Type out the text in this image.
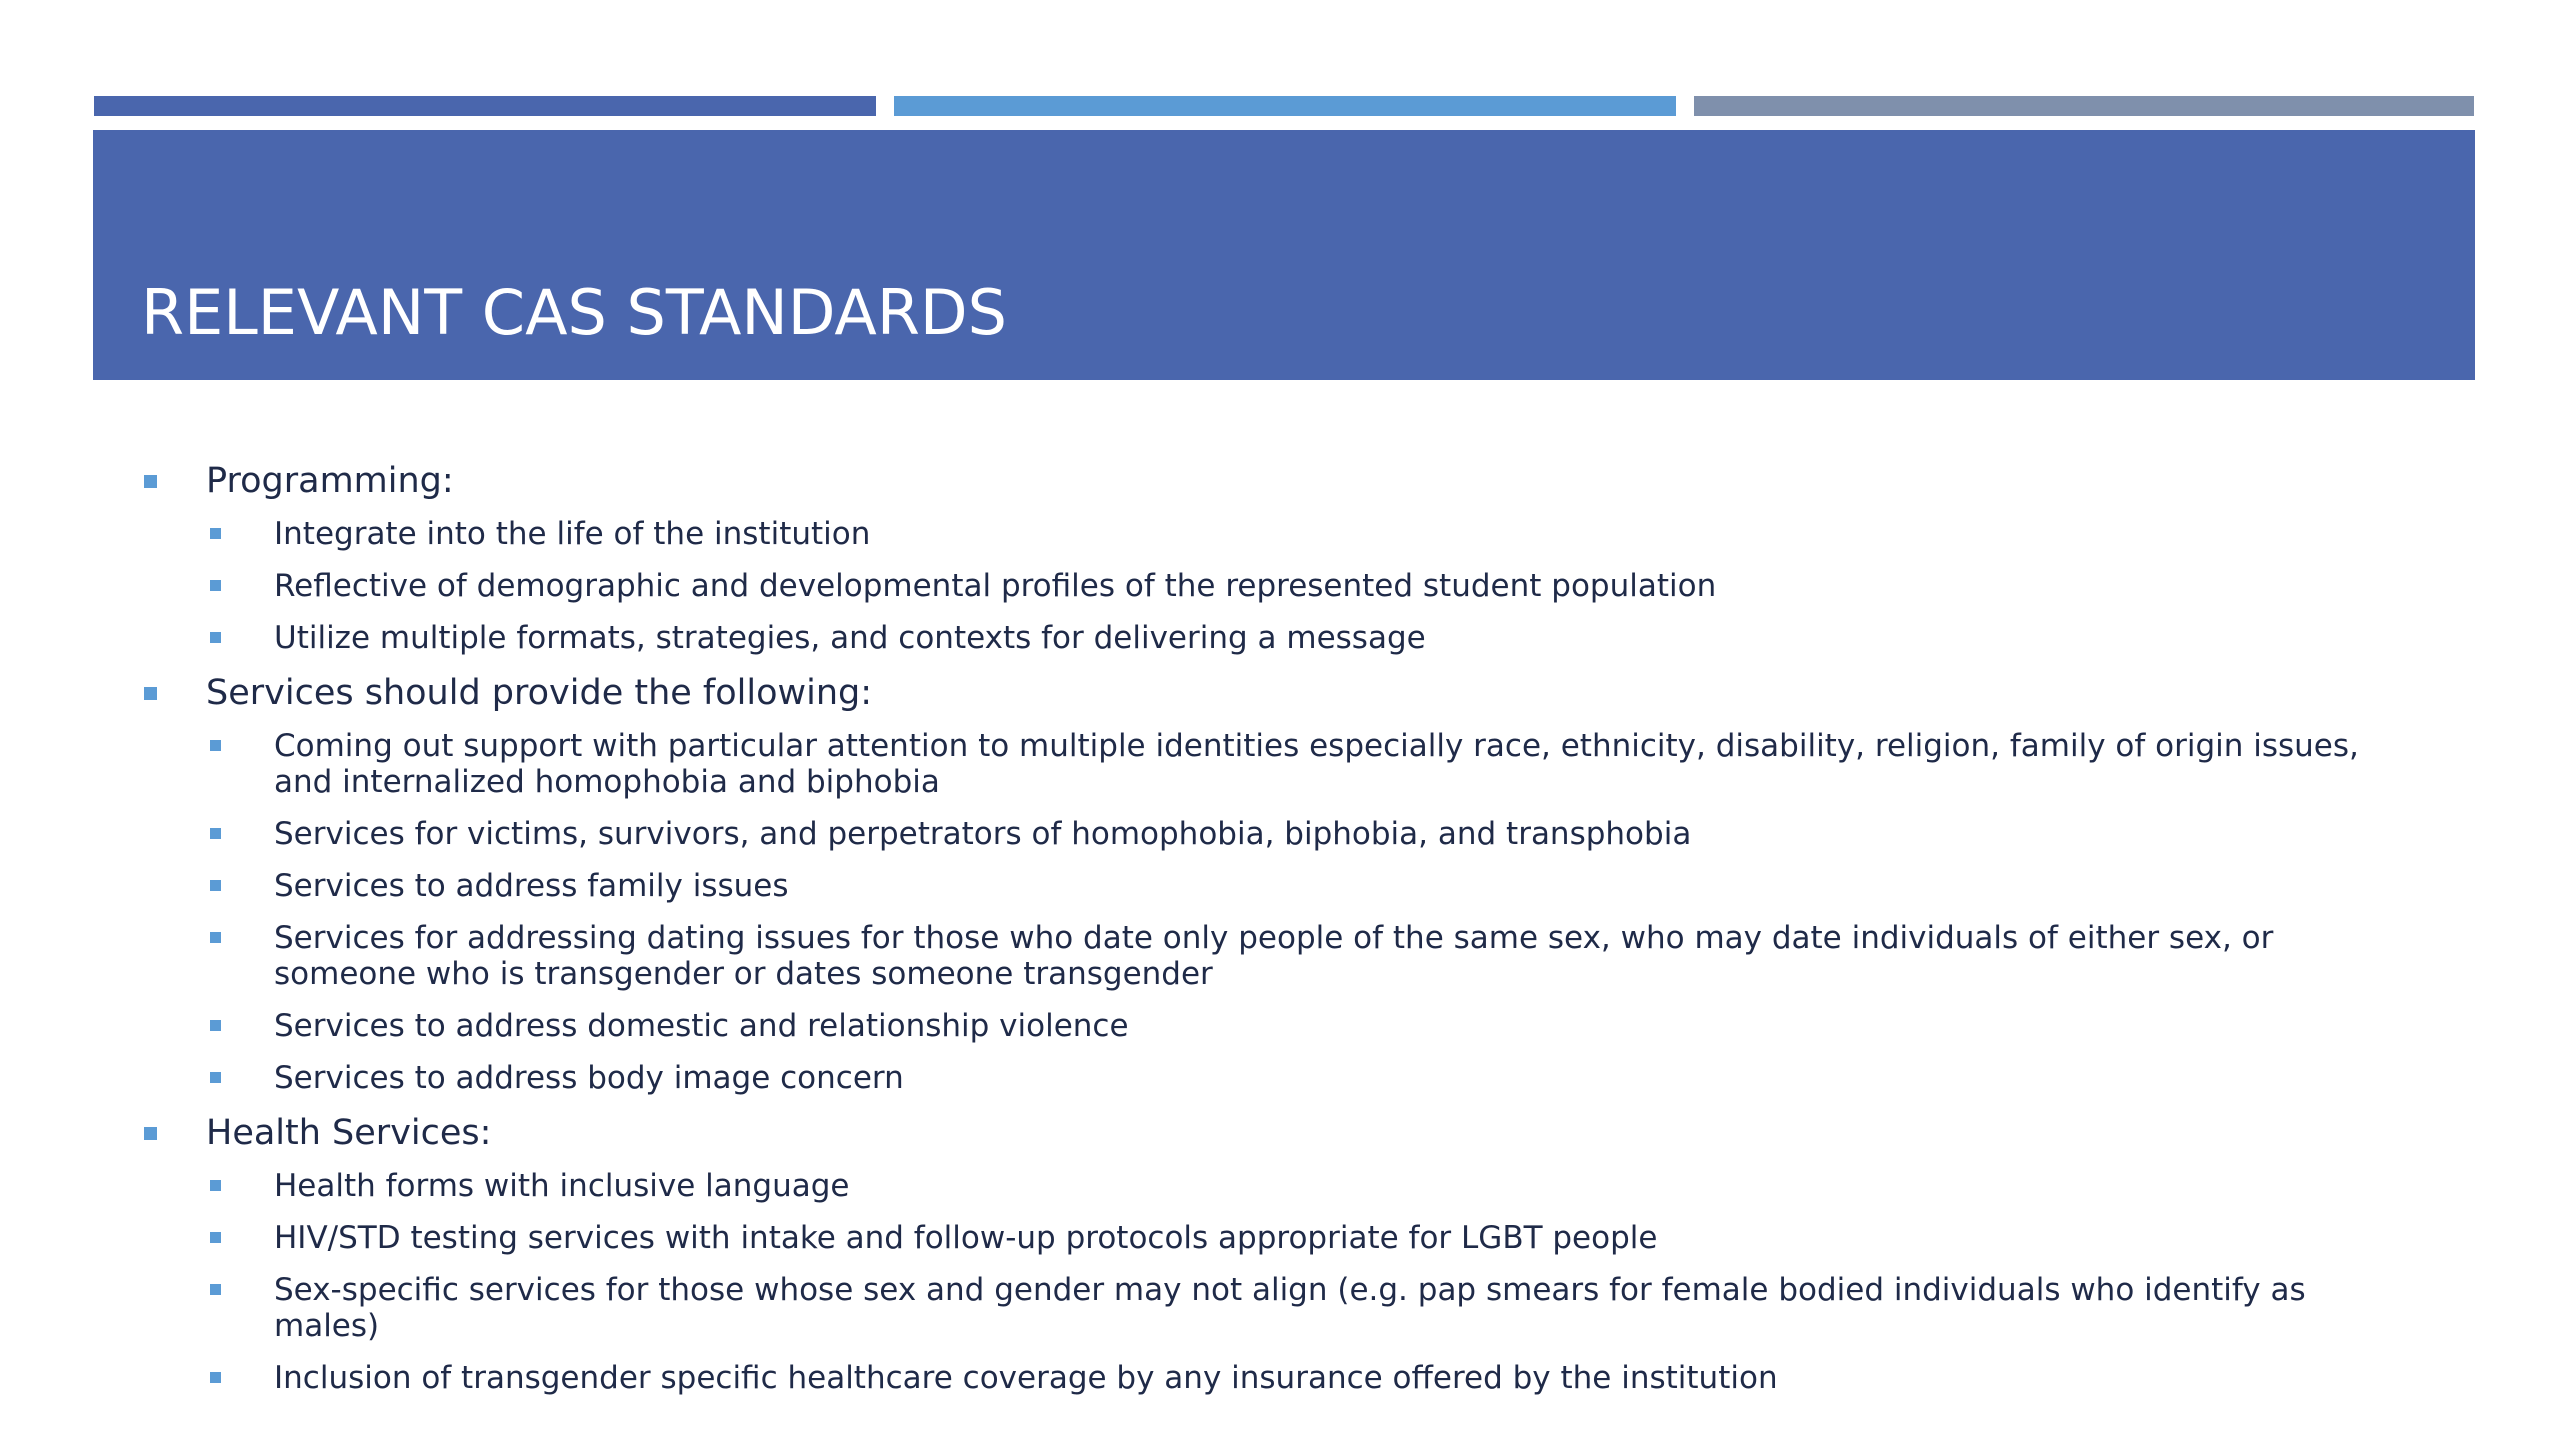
RELEVANT CAS STANDARDS
Programming:
Integrate into the life of the institution
Reflective of demographic and developmental profiles of the represented student population
Utilize multiple formats, strategies, and contexts for delivering a message
Services should provide the following:
Coming out support with particular attention to multiple identities especially race, ethnicity, disability, religion, family of origin issues, and internalized homophobia and biphobia
Services for victims, survivors, and perpetrators of homophobia, biphobia, and transphobia
Services to address family issues
Services for addressing dating issues for those who date only people of the same sex, who may date individuals of either sex, or someone who is transgender or dates someone transgender
Services to address domestic and relationship violence
Services to address body image concern
Health Services:
Health forms with inclusive language
HIV/STD testing services with intake and follow-up protocols appropriate for LGBT people
Sex-specific services for those whose sex and gender may not align (e.g. pap smears for female bodied individuals who identify as males)
Inclusion of transgender specific healthcare coverage by any insurance offered by the institution
